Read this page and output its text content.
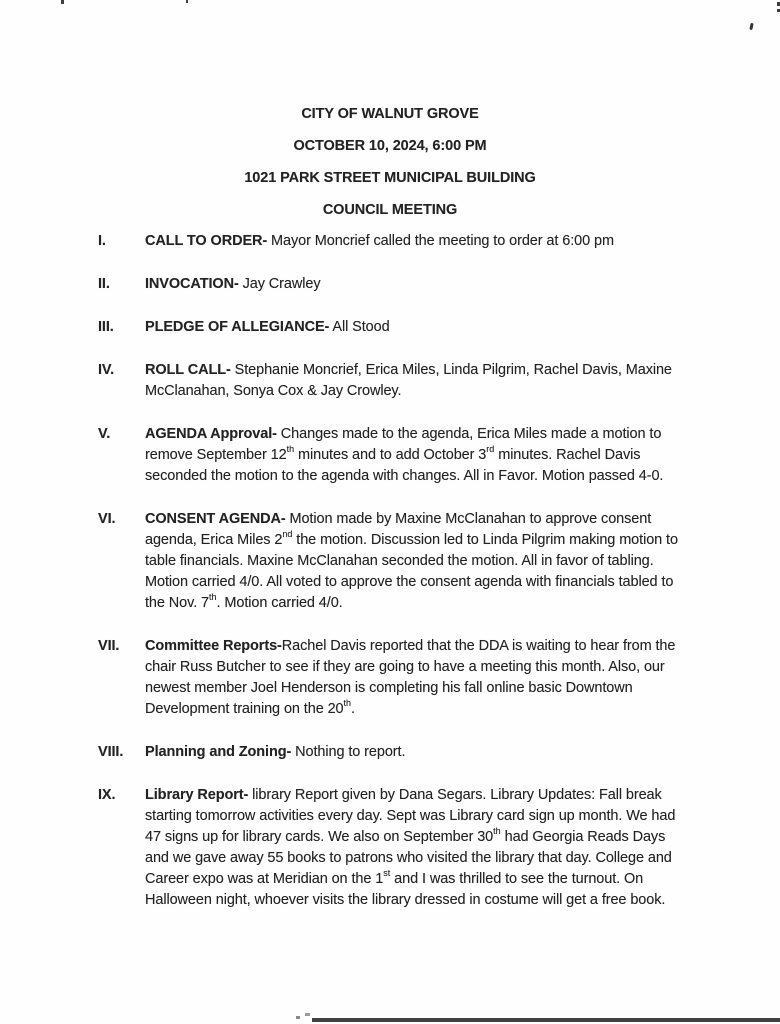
CITY OF WALNUT GROVE
OCTOBER 10, 2024, 6:00 PM
1021 PARK STREET MUNICIPAL BUILDING
COUNCIL MEETING
I.	CALL TO ORDER- Mayor Moncrief called the meeting to order at 6:00 pm
II.	INVOCATION- Jay Crawley
III.	PLEDGE OF ALLEGIANCE- All Stood
IV.	ROLL CALL- Stephanie Moncrief, Erica Miles, Linda Pilgrim, Rachel Davis, Maxine McClanahan, Sonya Cox & Jay Crowley.
V.	AGENDA Approval- Changes made to the agenda, Erica Miles made a motion to remove September 12th minutes and to add October 3rd minutes. Rachel Davis seconded the motion to the agenda with changes. All in Favor. Motion passed 4-0.
VI.	CONSENT AGENDA- Motion made by Maxine McClanahan to approve consent agenda, Erica Miles 2nd the motion. Discussion led to Linda Pilgrim making motion to table financials. Maxine McClanahan seconded the motion. All in favor of tabling. Motion carried 4/0. All voted to approve the consent agenda with financials tabled to the Nov. 7th. Motion carried 4/0.
VII.	Committee Reports-Rachel Davis reported that the DDA is waiting to hear from the chair Russ Butcher to see if they are going to have a meeting this month. Also, our newest member Joel Henderson is completing his fall online basic Downtown Development training on the 20th.
VIII.	Planning and Zoning- Nothing to report.
IX.	Library Report- library Report given by Dana Segars. Library Updates: Fall break starting tomorrow activities every day. Sept was Library card sign up month. We had 47 signs up for library cards. We also on September 30th had Georgia Reads Days and we gave away 55 books to patrons who visited the library that day. College and Career expo was at Meridian on the 1st and I was thrilled to see the turnout. On Halloween night, whoever visits the library dressed in costume will get a free book.
